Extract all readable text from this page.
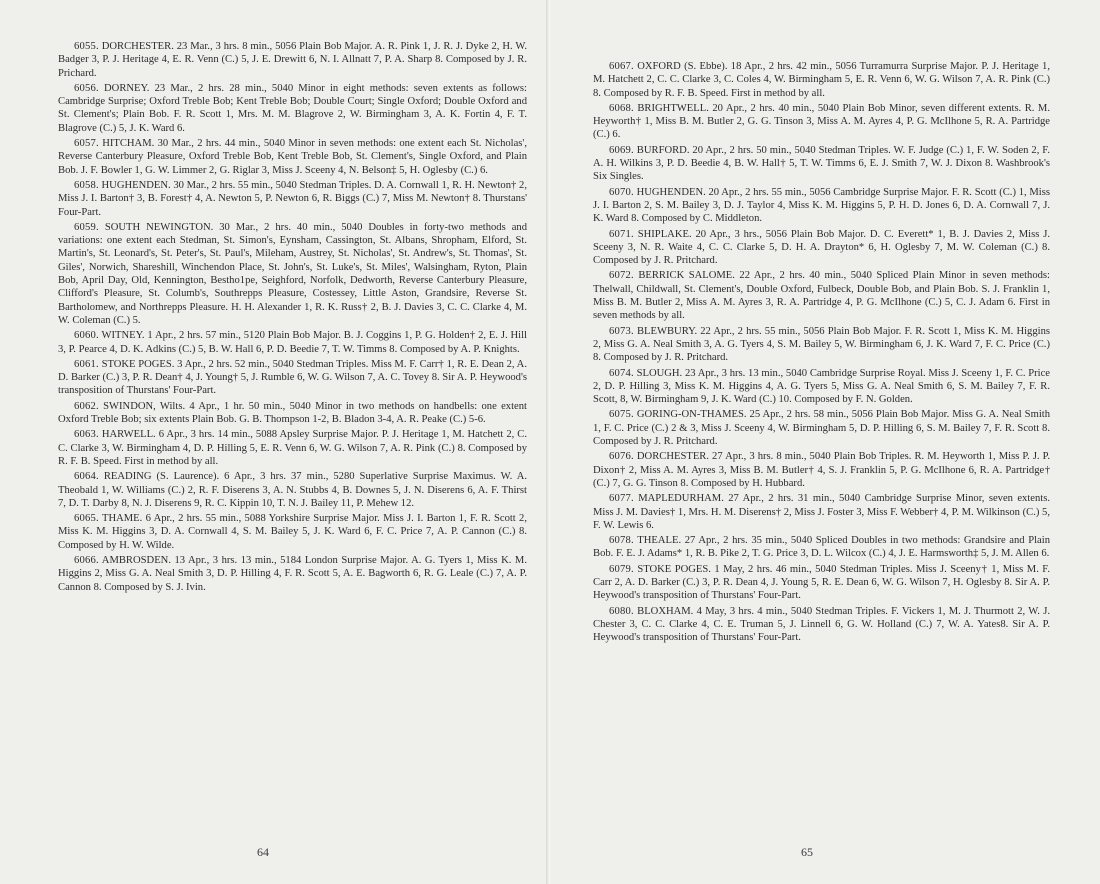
6055. DORCHESTER. 23 Mar., 3 hrs. 8 min., 5056 Plain Bob Major. A. R. Pink 1, J. R. J. Dyke 2, H. W. Badger 3, P. J. Heritage 4, E. R. Venn (C.) 5, J. E. Drewitt 6, N. I. Allnatt 7, P. A. Sharp 8. Composed by J. R. Prichard.

6056. DORNEY. 23 Mar., 2 hrs. 28 min., 5040 Minor in eight methods: seven extents as follows: Cambridge Surprise; Oxford Treble Bob; Kent Treble Bob; Double Court; Single Oxford; Double Oxford and St. Clement's; Plain Bob. F. R. Scott 1, Mrs. M. M. Blagrove 2, W. Birmingham 3, A. K. Fortin 4, F. T. Blagrove (C.) 5, J. K. Ward 6.

6057. HITCHAM. 30 Mar., 2 hrs. 44 min., 5040 Minor in seven methods: one extent each St. Nicholas', Reverse Canterbury Pleasure, Oxford Treble Bob, Kent Treble Bob, St. Clement's, Single Oxford, and Plain Bob. J. F. Bowler 1, G. W. Limmer 2, G. Riglar 3, Miss J. Sceeny 4, N. Belson‡ 5, H. Oglesby (C.) 6.

6058. HUGHENDEN. 30 Mar., 2 hrs. 55 min., 5040 Stedman Triples. D. A. Cornwall 1, R. H. Newton† 2, Miss J. I. Barton† 3, B. Forest† 4, A. Newton 5, P. Newton 6, R. Biggs (C.) 7, Miss M. Newton† 8. Thurstans' Four-Part.

6059. SOUTH NEWINGTON. 30 Mar., 2 hrs. 40 min., 5040 Doubles in forty-two methods and variations: one extent each Stedman, St. Simon's, Eynsham, Cassington, St. Albans, Shropham, Elford, St. Martin's, St. Leonard's, St. Peter's, St. Paul's, Mileham, Austrey, St. Nicholas', St. Andrew's, St. Thomas', St. Giles', Norwich, Shareshill, Winchendon Place, St. John's, St. Luke's, St. Miles', Walsingham, Ryton, Plain Bob, April Day, Old, Kennington, Bestho1pe, Seighford, Norfolk, Dedworth, Reverse Canterbury Pleasure, Clifford's Pleasure, St. Columb's, Southrepps Pleasure, Costessey, Little Aston, Grandsire, Reverse St. Bartholomew, and Northrepps Pleasure. H. H. Alexander 1, R. K. Russ† 2, B. J. Davies 3, C. C. Clarke 4, M. W. Coleman (C.) 5.

6060. WITNEY. 1 Apr., 2 hrs. 57 min., 5120 Plain Bob Major. B. J. Coggins 1, P. G. Holden† 2, E. J. Hill 3, P. Pearce 4, D. K. Adkins (C.) 5, B. W. Hall 6, P. D. Beedie 7, T. W. Timms 8. Composed by A. P. Knights.

6061. STOKE POGES. 3 Apr., 2 hrs. 52 min., 5040 Stedman Triples. Miss M. F. Carr† 1, R. E. Dean 2, A. D. Barker (C.) 3, P. R. Dean† 4, J. Young† 5, J. Rumble 6, W. G. Wilson 7, A. C. Tovey 8. Sir A. P. Heywood's transposition of Thurstans' Four-Part.

6062. SWINDON, Wilts. 4 Apr., 1 hr. 50 min., 5040 Minor in two methods on handbells: one extent Oxford Treble Bob; six extents Plain Bob. G. B. Thompson 1-2, B. Bladon 3-4, A. R. Peake (C.) 5-6.

6063. HARWELL. 6 Apr., 3 hrs. 14 min., 5088 Apsley Surprise Major. P. J. Heritage 1, M. Hatchett 2, C. C. Clarke 3, W. Birmingham 4, D. P. Hilling 5, E. R. Venn 6, W. G. Wilson 7, A. R. Pink (C.) 8. Composed by R. F. B. Speed. First in method by all.

6064. READING (S. Laurence). 6 Apr., 3 hrs. 37 min., 5280 Superlative Surprise Maximus. W. A. Theobald 1, W. Williams (C.) 2, R. F. Diserens 3, A. N. Stubbs 4, B. Downes 5, J. N. Diserens 6, A. F. Thirst 7, D. T. Darby 8, N. J. Diserens 9, R. C. Kippin 10, T. N. J. Bailey 11, P. Mehew 12.

6065. THAME. 6 Apr., 2 hrs. 55 min., 5088 Yorkshire Surprise Major. Miss J. I. Barton 1, F. R. Scott 2, Miss K. M. Higgins 3, D. A. Cornwall 4, S. M. Bailey 5, J. K. Ward 6, F. C. Price 7, A. P. Cannon (C.) 8. Composed by H. W. Wilde.

6066. AMBROSDEN. 13 Apr., 3 hrs. 13 min., 5184 London Surprise Major. A. G. Tyers 1, Miss K. M. Higgins 2, Miss G. A. Neal Smith 3, D. P. Hilling 4, F. R. Scott 5, A. E. Bagworth 6, R. G. Leale (C.) 7, A. P. Cannon 8. Composed by S. J. Ivin.

64

6067. OXFORD (S. Ebbe). 18 Apr., 2 hrs. 42 min., 5056 Turramurra Surprise Major. P. J. Heritage 1, M. Hatchett 2, C. C. Clarke 3, C. Coles 4, W. Birmingham 5, E. R. Venn 6, W. G. Wilson 7, A. R. Pink (C.) 8. Composed by R. F. B. Speed. First in method by all.

6068. BRIGHTWELL. 20 Apr., 2 hrs. 40 min., 5040 Plain Bob Minor, seven different extents. R. M. Heyworth† 1, Miss B. M. Butler 2, G. G. Tinson 3, Miss A. M. Ayres 4, P. G. McIlhone 5, R. A. Partridge (C.) 6.

6069. BURFORD. 20 Apr., 2 hrs. 50 min., 5040 Stedman Triples. W. F. Judge (C.) 1, F. W. Soden 2, F. A. H. Wilkins 3, P. D. Beedie 4, B. W. Hall† 5, T. W. Timms 6, E. J. Smith 7, W. J. Dixon 8. Washbrook's Six Singles.

6070. HUGHENDEN. 20 Apr., 2 hrs. 55 min., 5056 Cambridge Surprise Major. F. R. Scott (C.) 1, Miss J. I. Barton 2, S. M. Bailey 3, D. J. Taylor 4, Miss K. M. Higgins 5, P. H. D. Jones 6, D. A. Cornwall 7, J. K. Ward 8. Composed by C. Middleton.

6071. SHIPLAKE. 20 Apr., 3 hrs., 5056 Plain Bob Major. D. C. Everett* 1, B. J. Davies 2, Miss J. Sceeny 3, N. R. Waite 4, C. C. Clarke 5, D. H. A. Drayton* 6, H. Oglesby 7, M. W. Coleman (C.) 8. Composed by J. R. Pritchard.

6072. BERRICK SALOME. 22 Apr., 2 hrs. 40 min., 5040 Spliced Plain Minor in seven methods: Thelwall, Childwall, St. Clement's, Double Oxford, Fulbeck, Double Bob, and Plain Bob. S. J. Franklin 1, Miss B. M. Butler 2, Miss A. M. Ayres 3, R. A. Partridge 4, P. G. McIlhone (C.) 5, C. J. Adam 6. First in seven methods by all.

6073. BLEWBURY. 22 Apr., 2 hrs. 55 min., 5056 Plain Bob Major. F. R. Scott 1, Miss K. M. Higgins 2, Miss G. A. Neal Smith 3, A. G. Tyers 4, S. M. Bailey 5, W. Birmingham 6, J. K. Ward 7, F. C. Price (C.) 8. Composed by J. R. Pritchard.

6074. SLOUGH. 23 Apr., 3 hrs. 13 min., 5040 Cambridge Surprise Royal. Miss J. Sceeny 1, F. C. Price 2, D. P. Hilling 3, Miss K. M. Higgins 4, A. G. Tyers 5, Miss G. A. Neal Smith 6, S. M. Bailey 7, F. R. Scott, 8, W. Birmingham 9, J. K. Ward (C.) 10. Composed by F. N. Golden.

6075. GORING-ON-THAMES. 25 Apr., 2 hrs. 58 min., 5056 Plain Bob Major. Miss G. A. Neal Smith 1, F. C. Price (C.) 2 & 3, Miss J. Sceeny 4, W. Birmingham 5, D. P. Hilling 6, S. M. Bailey 7, F. R. Scott 8. Composed by J. R. Pritchard.

6076. DORCHESTER. 27 Apr., 3 hrs. 8 min., 5040 Plain Bob Triples. R. M. Heyworth 1, Miss P. J. P. Dixon† 2, Miss A. M. Ayres 3, Miss B. M. Butler† 4, S. J. Franklin 5, P. G. McIlhone 6, R. A. Partridge† (C.) 7, G. G. Tinson 8. Composed by H. Hubbard.

6077. MAPLEDURHAM. 27 Apr., 2 hrs. 31 min., 5040 Cambridge Surprise Minor, seven extents. Miss J. M. Davies† 1, Mrs. H. M. Diserens† 2, Miss J. Foster 3, Miss F. Webber† 4, P. M. Wilkinson (C.) 5, F. W. Lewis 6.

6078. THEALE. 27 Apr., 2 hrs. 35 min., 5040 Spliced Doubles in two methods: Grandsire and Plain Bob. F. E. J. Adams* 1, R. B. Pike 2, T. G. Price 3, D. L. Wilcox (C.) 4, J. E. Harmsworth‡ 5, J. M. Allen 6.

6079. STOKE POGES. 1 May, 2 hrs. 46 min., 5040 Stedman Triples. Miss J. Sceeny† 1, Miss M. F. Carr 2, A. D. Barker (C.) 3, P. R. Dean 4, J. Young 5, R. E. Dean 6, W. G. Wilson 7, H. Oglesby 8. Sir A. P. Heywood's transposition of Thurstans' Four-Part.

6080. BLOXHAM. 4 May, 3 hrs. 4 min., 5040 Stedman Triples. F. Vickers 1, M. J. Thurmott 2, W. J. Chester 3, C. C. Clarke 4, C. E. Truman 5, J. Linnell 6, G. W. Holland (C.) 7, W. A. Yates8. Sir A. P. Heywood's transposition of Thurstans' Four-Part.

65
